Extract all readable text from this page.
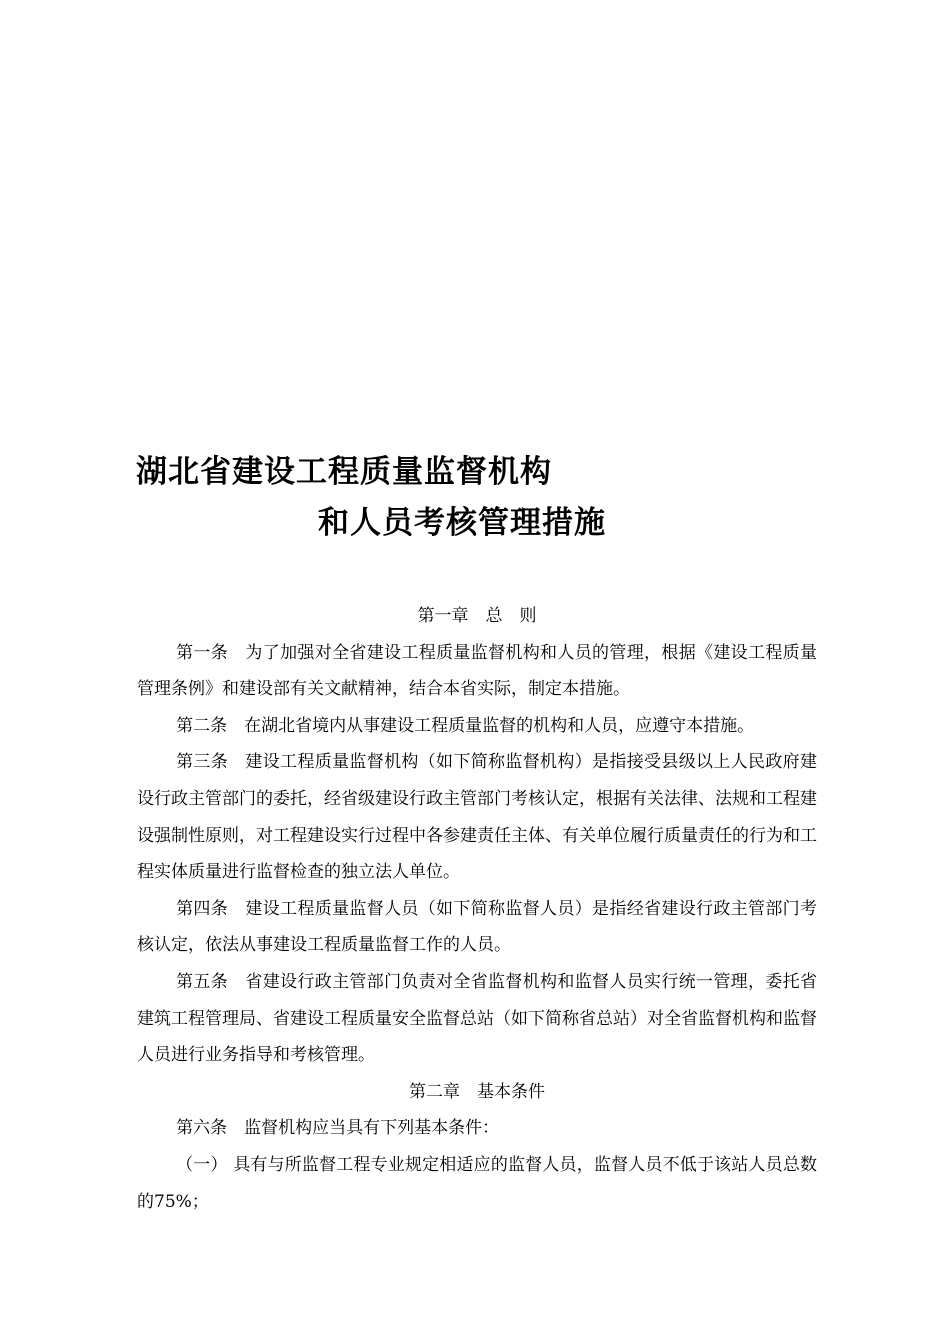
湖北省建设工程质量监督机构
和人员考核管理措施

第一章　总　则

第一条　为了加强对全省建设工程质量监督机构和人员的管理，根据《建设工程质量管理条例》和建设部有关文献精神，结合本省实际，制定本措施。

第二条　在湖北省境内从事建设工程质量监督的机构和人员，应遵守本措施。

第三条　建设工程质量监督机构（如下简称监督机构）是指接受县级以上人民政府建设行政主管部门的委托，经省级建设行政主管部门考核认定，根据有关法律、法规和工程建设强制性原则，对工程建设实行过程中各参建责任主体、有关单位履行质量责任的行为和工程实体质量进行监督检查的独立法人单位。

第四条　建设工程质量监督人员（如下简称监督人员）是指经省建设行政主管部门考核认定，依法从事建设工程质量监督工作的人员。

第五条　省建设行政主管部门负责对全省监督机构和监督人员实行统一管理，委托省建筑工程管理局、省建设工程质量安全监督总站（如下简称省总站）对全省监督机构和监督人员进行业务指导和考核管理。

第二章　基本条件

第六条　监督机构应当具有下列基本条件：

（一） 具有与所监督工程专业规定相适应的监督人员，监督人员不低于该站人员总数的75%；
